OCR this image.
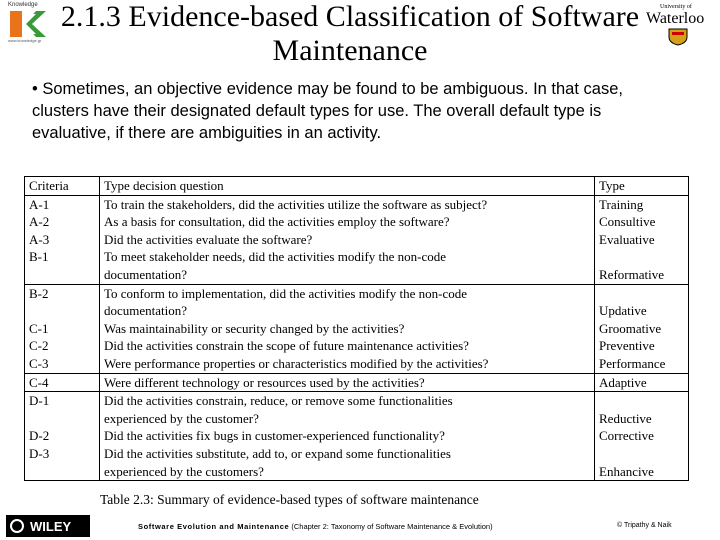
Knowledge
www.knowledge.gr
2.1.3 Evidence-based Classification of Software Maintenance
University of
Waterloo
• Sometimes, an objective evidence may be found to be ambiguous. In that case, clusters have their designated default types for use. The overall default type is evaluative, if there are ambiguities in an activity.
Criteria	Type decision question	Type
A-1	To train the stakeholders, did the activities utilize the software as subject?	Training
A-2	As a basis for consultation, did the activities employ the software?	Consultive
A-3	Did the activities evaluate the software?	Evaluative
B-1	To meet stakeholder needs, did the activities modify the non-code	
	documentation?	Reformative
B-2	To conform to implementation, did the activities modify the non-code	
	documentation?	Updative
C-1	Was maintainability or security changed by the activities?	Groomative
C-2	Did the activities constrain the scope of future maintenance activities?	Preventive
C-3	Were performance properties or characteristics modified by the activities?	Performance
C-4	Were different technology or resources used by the activities?	Adaptive
D-1	Did the activities constrain, reduce, or remove some functionalities	
	experienced by the customer?	Reductive
D-2	Did the activities fix bugs in customer-experienced functionality?	Corrective
D-3	Did the activities substitute, add to, or expand some functionalities	
	experienced by the customers?	Enhancive
Table 2.3: Summary of evidence-based types of software maintenance
WILEY	Software Evolution and Maintenance (Chapter 2: Taxonomy of Software Maintenance & Evolution)	© Tripathy & Naik
